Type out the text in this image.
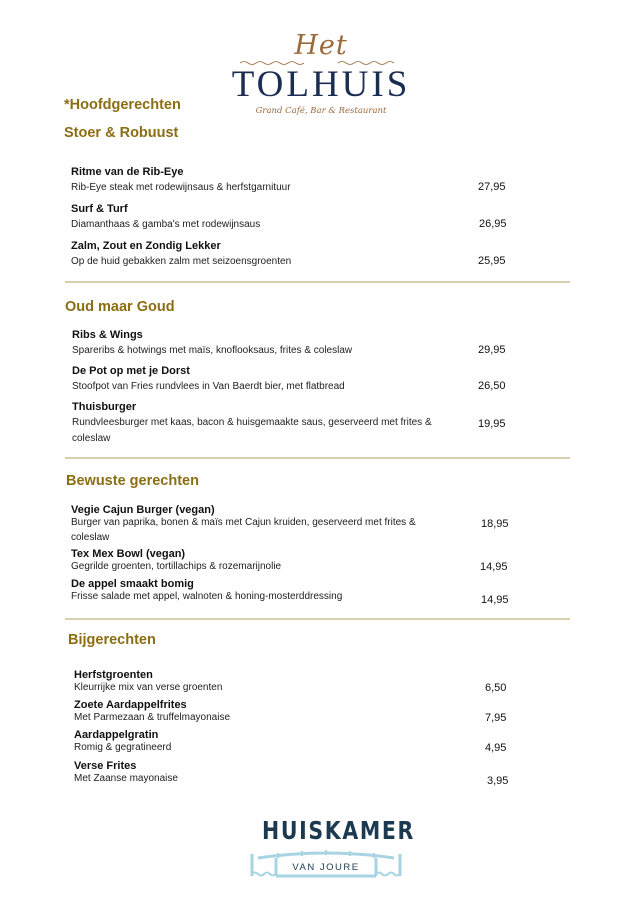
Het
TOLHUIS
Grand Café, Bar & Restaurant
*Hoofdgerechten
Stoer & Robuust
Ritme van de Rib-Eye
Rib-Eye steak met rodewijnsaus & herfstgarnituur	27,95
Surf & Turf
Diamanthaas & gamba's met rodewijnsaus	26,95
Zalm, Zout en Zondig Lekker
Op de huid gebakken zalm met seizoensgroenten	25,95
Oud maar Goud
Ribs & Wings
Spareribs & hotwings met maïs, knoflooksaus, frites & coleslaw	29,95
De Pot op met je Dorst
Stoofpot van Fries rundvlees in Van Baerdt bier, met flatbread	26,50
Thuisburger
Rundvleesburger met kaas, bacon & huisgemaakte saus, geserveerd met frites & coleslaw
19,95
Bewuste gerechten
Vegie Cajun Burger (vegan)
Burger van paprika, bonen & maïs met Cajun kruiden, geserveerd met frites & coleslaw
18,95
Tex Mex Bowl (vegan)
Gegrilde groenten, tortillachips & rozemarijnolie	14,95
De appel smaakt bomig
Frisse salade met appel, walnoten & honing-mosterddressing	14,95
Bijgerechten
Herfstgroenten
Kleurrijke mix van verse groenten	6,50
Zoete Aardappelfrites
Met Parmezaan & truffelmayonaise	7,95
Aardappelgratin
Romig & gegratineerd	4,95
Verse Frites
Met Zaanse mayonaise	3,95
HUISKAMER
VAN JOURE
